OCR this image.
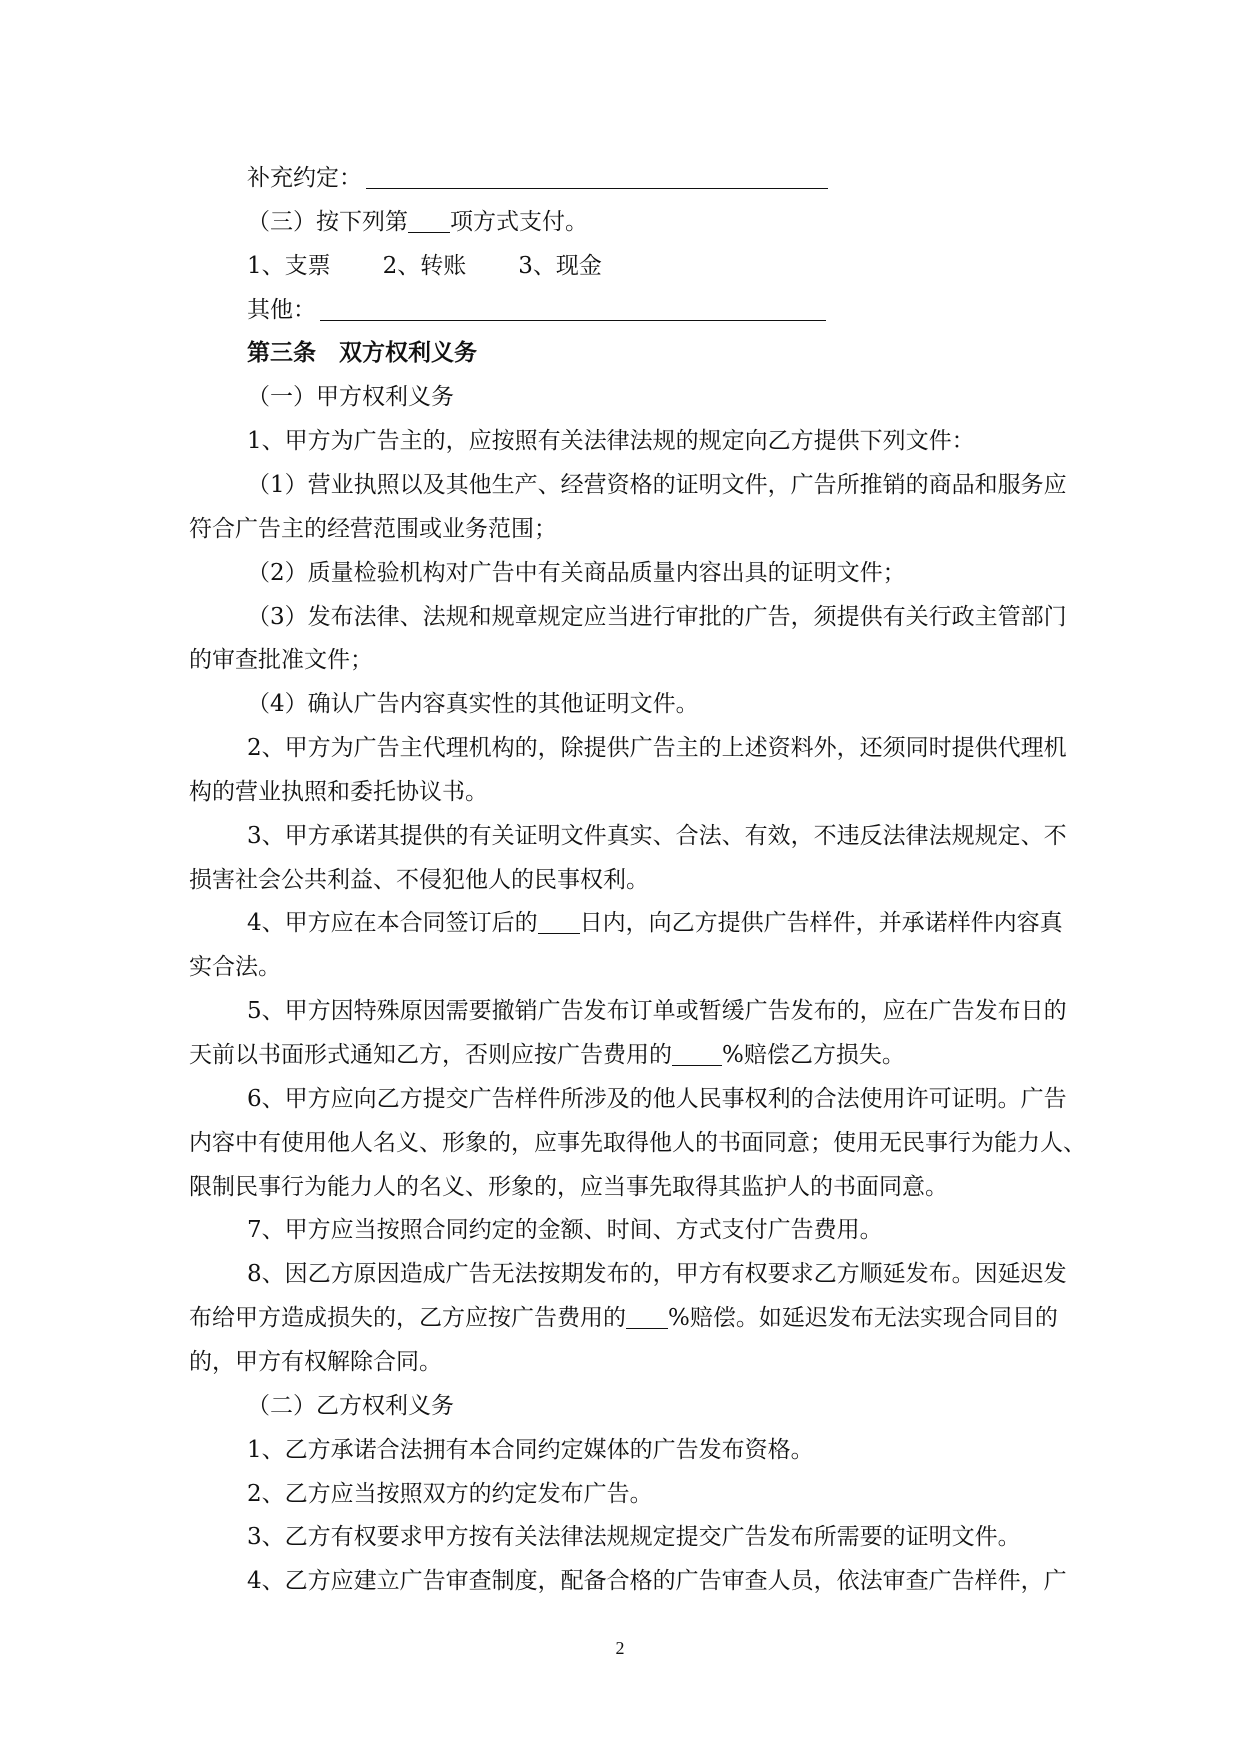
补充约定：
（三）按下列第 项方式支付。
1、支票 2、转账 3、现金
其他：
第三条　双方权利义务
（一）甲方权利义务
1、甲方为广告主的，应按照有关法律法规的规定向乙方提供下列文件：
（1）营业执照以及其他生产、经营资格的证明文件，广告所推销的商品和服务应
符合广告主的经营范围或业务范围；
（2）质量检验机构对广告中有关商品质量内容出具的证明文件；
（3）发布法律、法规和规章规定应当进行审批的广告，须提供有关行政主管部门
的审查批准文件；
（4）确认广告内容真实性的其他证明文件。
2、甲方为广告主代理机构的，除提供广告主的上述资料外，还须同时提供代理机
构的营业执照和委托协议书。
3、甲方承诺其提供的有关证明文件真实、合法、有效，不违反法律法规规定、不
损害社会公共利益、不侵犯他人的民事权利。
4、甲方应在本合同签订后的 日内，向乙方提供广告样件，并承诺样件内容真
实合法。
5、甲方因特殊原因需要撤销广告发布订单或暂缓广告发布的，应在广告发布日的
天前以书面形式通知乙方，否则应按广告费用的 %赔偿乙方损失。
6、甲方应向乙方提交广告样件所涉及的他人民事权利的合法使用许可证明。广告
内容中有使用他人名义、形象的，应事先取得他人的书面同意；使用无民事行为能力人、
限制民事行为能力人的名义、形象的，应当事先取得其监护人的书面同意。
7、甲方应当按照合同约定的金额、时间、方式支付广告费用。
8、因乙方原因造成广告无法按期发布的，甲方有权要求乙方顺延发布。因延迟发
布给甲方造成损失的，乙方应按广告费用的 %赔偿。如延迟发布无法实现合同目的
的，甲方有权解除合同。
（二）乙方权利义务
1、乙方承诺合法拥有本合同约定媒体的广告发布资格。
2、乙方应当按照双方的约定发布广告。
3、乙方有权要求甲方按有关法律法规规定提交广告发布所需要的证明文件。
4、乙方应建立广告审查制度，配备合格的广告审查人员，依法审查广告样件，广
2
